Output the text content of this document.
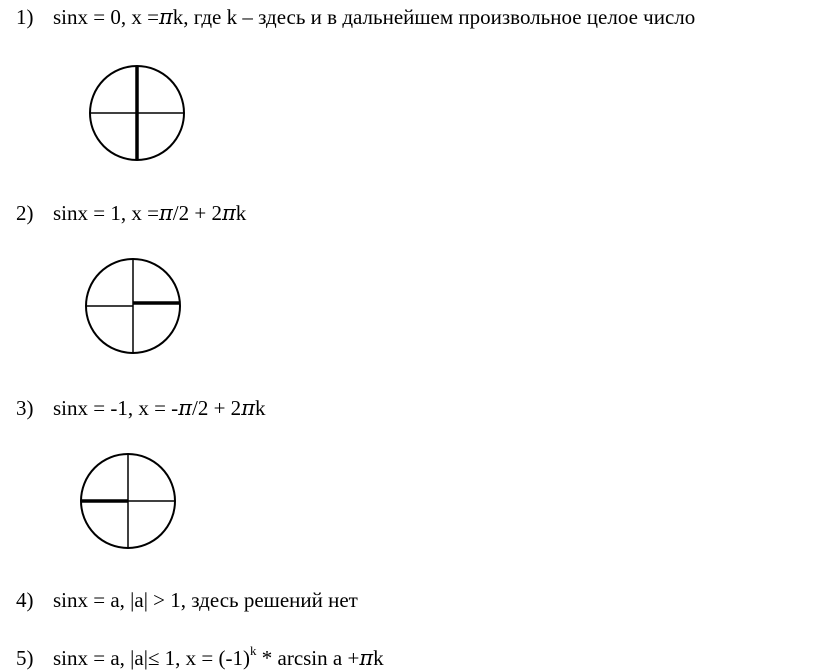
1) sinx = 0, x =πk, где k – здесь и в дальнейшем произвольное целое число
2) sinx = 1, x =π/2 + 2πk
3) sinx = -1, x = -π/2 + 2πk
4) sinx = a, |a| > 1, здесь решений нет
5) sinx = a, |a|≤ 1, $x = (-1)^k * \arcsin a +\pi k$
